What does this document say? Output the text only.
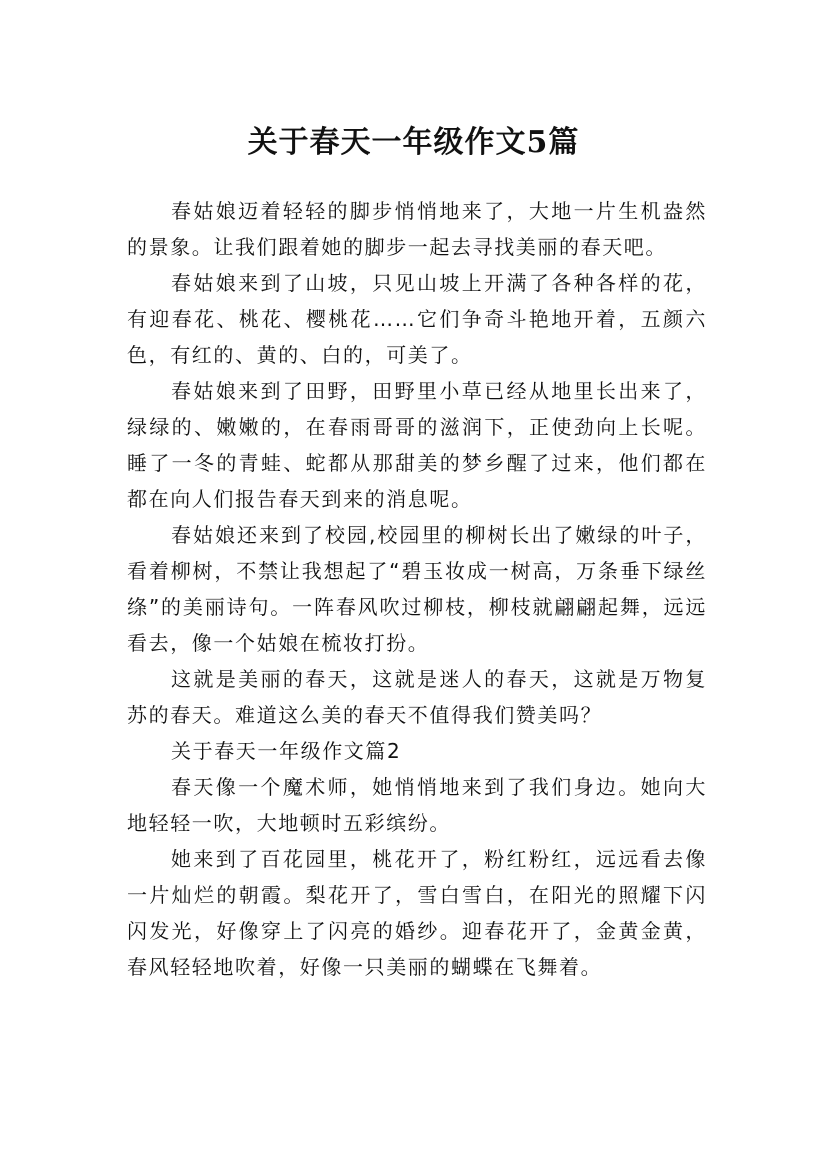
关于春天一年级作文5篇

春姑娘迈着轻轻的脚步悄悄地来了，大地一片生机盎然的景象。让我们跟着她的脚步一起去寻找美丽的春天吧。

春姑娘来到了山坡，只见山坡上开满了各种各样的花，有迎春花、桃花、樱桃花……它们争奇斗艳地开着，五颜六色，有红的、黄的、白的，可美了。

春姑娘来到了田野，田野里小草已经从地里长出来了，绿绿的、嫩嫩的，在春雨哥哥的滋润下，正使劲向上长呢。睡了一冬的青蛙、蛇都从那甜美的梦乡醒了过来，他们都在都在向人们报告春天到来的消息呢。

春姑娘还来到了校园,校园里的柳树长出了嫩绿的叶子，看着柳树，不禁让我想起了“碧玉妆成一树高，万条垂下绿丝绦”的美丽诗句。一阵春风吹过柳枝，柳枝就翩翩起舞，远远看去，像一个姑娘在梳妆打扮。

这就是美丽的春天，这就是迷人的春天，这就是万物复苏的春天。难道这么美的春天不值得我们赞美吗？

关于春天一年级作文篇2

春天像一个魔术师，她悄悄地来到了我们身边。她向大地轻轻一吹，大地顿时五彩缤纷。

她来到了百花园里，桃花开了，粉红粉红，远远看去像一片灿烂的朝霞。梨花开了，雪白雪白，在阳光的照耀下闪闪发光，好像穿上了闪亮的婚纱。迎春花开了，金黄金黄，春风轻轻地吹着，好像一只美丽的蝴蝶在飞舞着。
